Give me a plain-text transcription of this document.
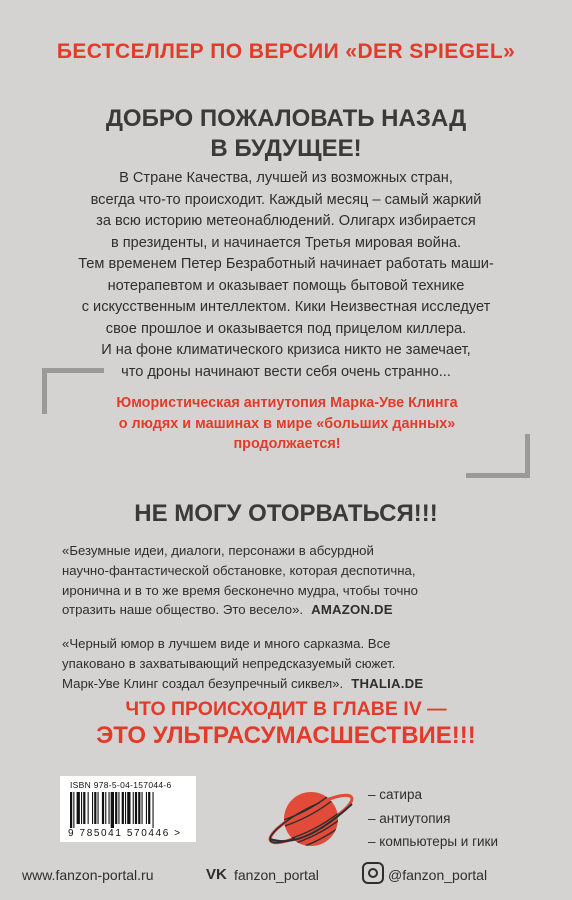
БЕСТСЕЛЛЕР ПО ВЕРСИИ «DER SPIEGEL»
ДОБРО ПОЖАЛОВАТЬ НАЗАД
В БУДУЩЕЕ!
В Стране Качества, лучшей из возможных стран,
всегда что-то происходит. Каждый месяц – самый жаркий
за всю историю метеонаблюдений. Олигарх избирается
в президенты, и начинается Третья мировая война.
Тем временем Петер Безработный начинает работать маши-
нотерапевтом и оказывает помощь бытовой технике
с искусственным интеллектом. Кики Неизвестная исследует
свое прошлое и оказывается под прицелом киллера.
И на фоне климатического кризиса никто не замечает,
что дроны начинают вести себя очень странно...
Юмористическая антиутопия Марка-Уве Клинга
о людях и машинах в мире «больших данных»
продолжается!
НЕ МОГУ ОТОРВАТЬСЯ!!!
«Безумные идеи, диалоги, персонажи в абсурдной
научно-фантастической обстановке, которая деспотична,
иронична и в то же время бесконечно мудра, чтобы точно
отразить наше общество. Это весело». AMAZON.DE
«Черный юмор в лучшем виде и много сарказма. Все
упаковано в захватывающий непредсказуемый сюжет.
Марк-Уве Клинг создал безупречный сиквел». THALIA.DE
ЧТО ПРОИСХОДИТ В ГЛАВЕ IV —
ЭТО УЛЬТРАСУМАСШЕСТВИЕ!!!
ISBN 978-5-04-157044-6
9 785041 570446 >
– сатира
– антиутопия
– компьютеры и гики
www.fanzon-portal.ru	VK fanzon_portal	@fanzon_portal
